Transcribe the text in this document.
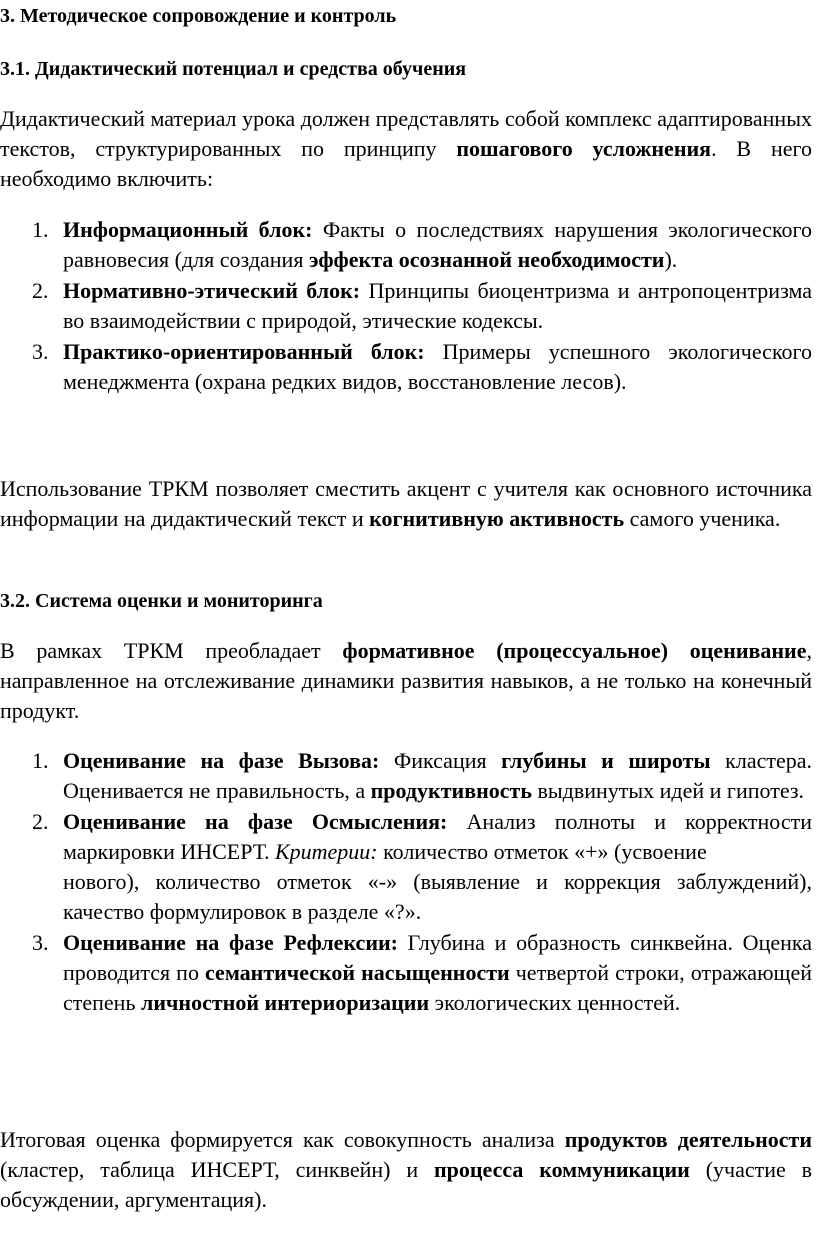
3. Методическое сопровождение и контроль
3.1. Дидактический потенциал и средства обучения
Дидактический материал урока должен представлять собой комплекс адаптированных текстов, структурированных по принципу пошагового усложнения. В него необходимо включить:
1. Информационный блок: Факты о последствиях нарушения экологического равновесия (для создания эффекта осознанной необходимости).
2. Нормативно-этический блок: Принципы биоцентризма и антропоцентризма во взаимодействии с природой, этические кодексы.
3. Практико-ориентированный блок: Примеры успешного экологического менеджмента (охрана редких видов, восстановление лесов).
Использование ТРКМ позволяет сместить акцент с учителя как основного источника информации на дидактический текст и когнитивную активность самого ученика.
3.2. Система оценки и мониторинга
В рамках ТРКМ преобладает формативное (процессуальное) оценивание, направленное на отслеживание динамики развития навыков, а не только на конечный продукт.
1. Оценивание на фазе Вызова: Фиксация глубины и широты кластера. Оценивается не правильность, а продуктивность выдвинутых идей и гипотез.
2. Оценивание на фазе Осмысления: Анализ полноты и корректности маркировки ИНСЕРТ. Критерии: количество отметок «+» (усвоение
нового), количество отметок «-» (выявление и коррекция заблуждений), качество формулировок в разделе «?».
3. Оценивание на фазе Рефлексии: Глубина и образность синквейна. Оценка проводится по семантической насыщенности четвертой строки, отражающей степень личностной интериоризации экологических ценностей.
Итоговая оценка формируется как совокупность анализа продуктов деятельности (кластер, таблица ИНСЕРТ, синквейн) и процесса коммуникации (участие в обсуждении, аргументация).
